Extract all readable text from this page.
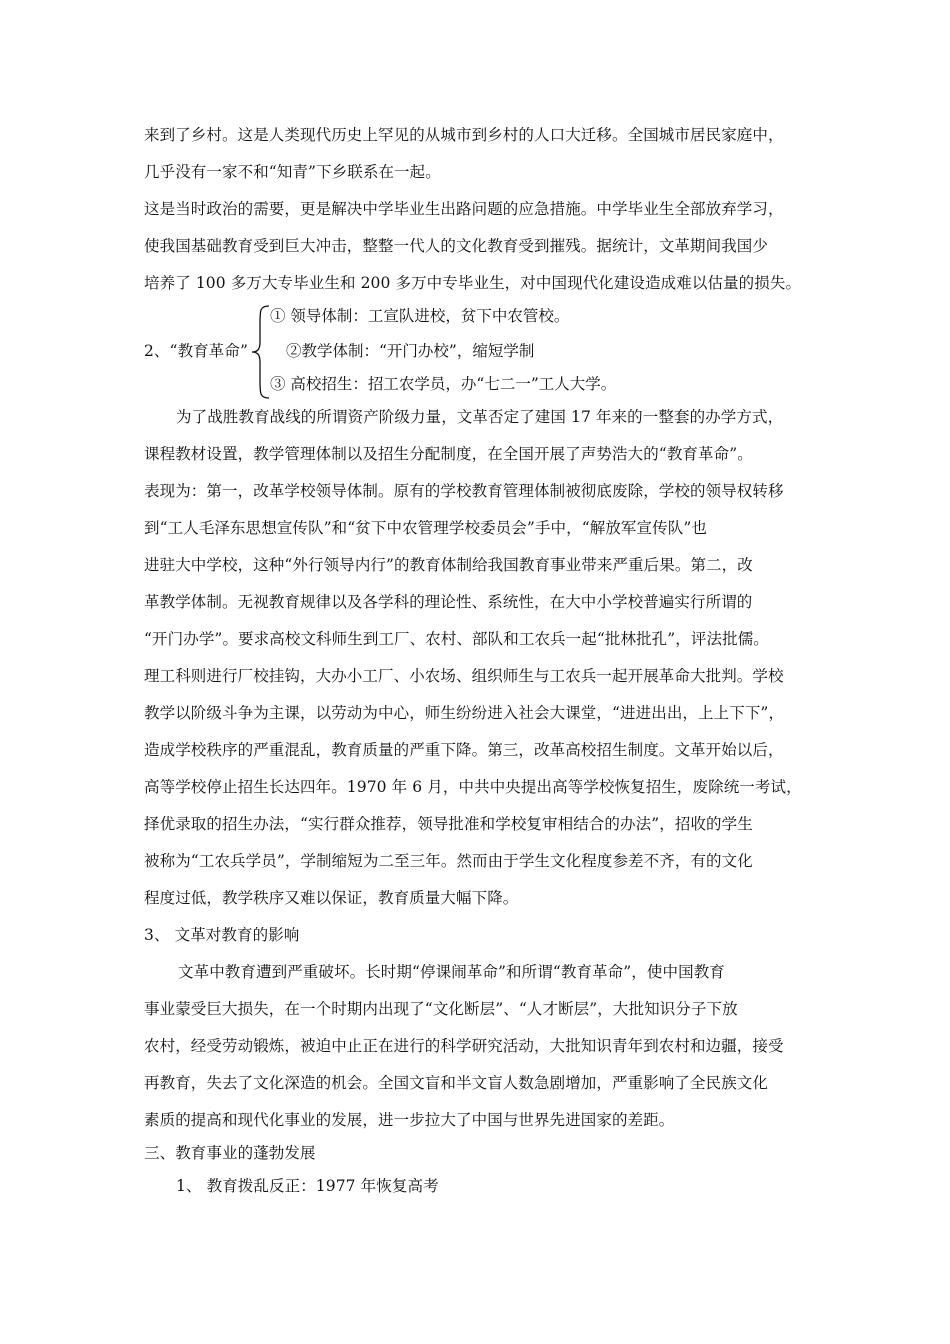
来到了乡村。这是人类现代历史上罕见的从城市到乡村的人口大迁移。全国城市居民家庭中，
几乎没有一家不和“知青”下乡联系在一起。
这是当时政治的需要，更是解决中学毕业生出路问题的应急措施。中学毕业生全部放弃学习，
使我国基础教育受到巨大冲击，整整一代人的文化教育受到摧残。据统计，文革期间我国少
培养了 100 多万大专毕业生和 200 多万中专毕业生，对中国现代化建设造成难以估量的损失。
2、“教育革命”
① 领导体制：工宣队进校，贫下中农管校。
②教学体制：“开门办校”，缩短学制
③ 高校招生：招工农学员，办“七二一”工人大学。
为了战胜教育战线的所谓资产阶级力量，文革否定了建国 17 年来的一整套的办学方式，
课程教材设置，教学管理体制以及招生分配制度，在全国开展了声势浩大的“教育革命”。
表现为：第一，改革学校领导体制。原有的学校教育管理体制被彻底废除，学校的领导权转移
到“工人毛泽东思想宣传队”和“贫下中农管理学校委员会”手中，“解放军宣传队”也
进驻大中学校，这种“外行领导内行”的教育体制给我国教育事业带来严重后果。第二，改
革教学体制。无视教育规律以及各学科的理论性、系统性，在大中小学校普遍实行所谓的
“开门办学”。要求高校文科师生到工厂、农村、部队和工农兵一起“批林批孔”，评法批儒。
理工科则进行厂校挂钩，大办小工厂、小农场、组织师生与工农兵一起开展革命大批判。学校
教学以阶级斗争为主课，以劳动为中心，师生纷纷进入社会大课堂，“进进出出，上上下下”，
造成学校秩序的严重混乱，教育质量的严重下降。第三，改革高校招生制度。文革开始以后，
高等学校停止招生长达四年。1970 年 6 月，中共中央提出高等学校恢复招生，废除统一考试，
择优录取的招生办法，“实行群众推荐，领导批准和学校复审相结合的办法”，招收的学生
被称为“工农兵学员”，学制缩短为二至三年。然而由于学生文化程度参差不齐，有的文化
程度过低，教学秩序又难以保证，教育质量大幅下降。
3、 文革对教育的影响
文革中教育遭到严重破坏。长时期“停课闹革命”和所谓“教育革命”，使中国教育
事业蒙受巨大损失，在一个时期内出现了“文化断层”、“人才断层”，大批知识分子下放
农村，经受劳动锻炼，被迫中止正在进行的科学研究活动，大批知识青年到农村和边疆，接受
再教育，失去了文化深造的机会。全国文盲和半文盲人数急剧增加，严重影响了全民族文化
素质的提高和现代化事业的发展，进一步拉大了中国与世界先进国家的差距。
三、教育事业的蓬勃发展
1、 教育拨乱反正：1977 年恢复高考
